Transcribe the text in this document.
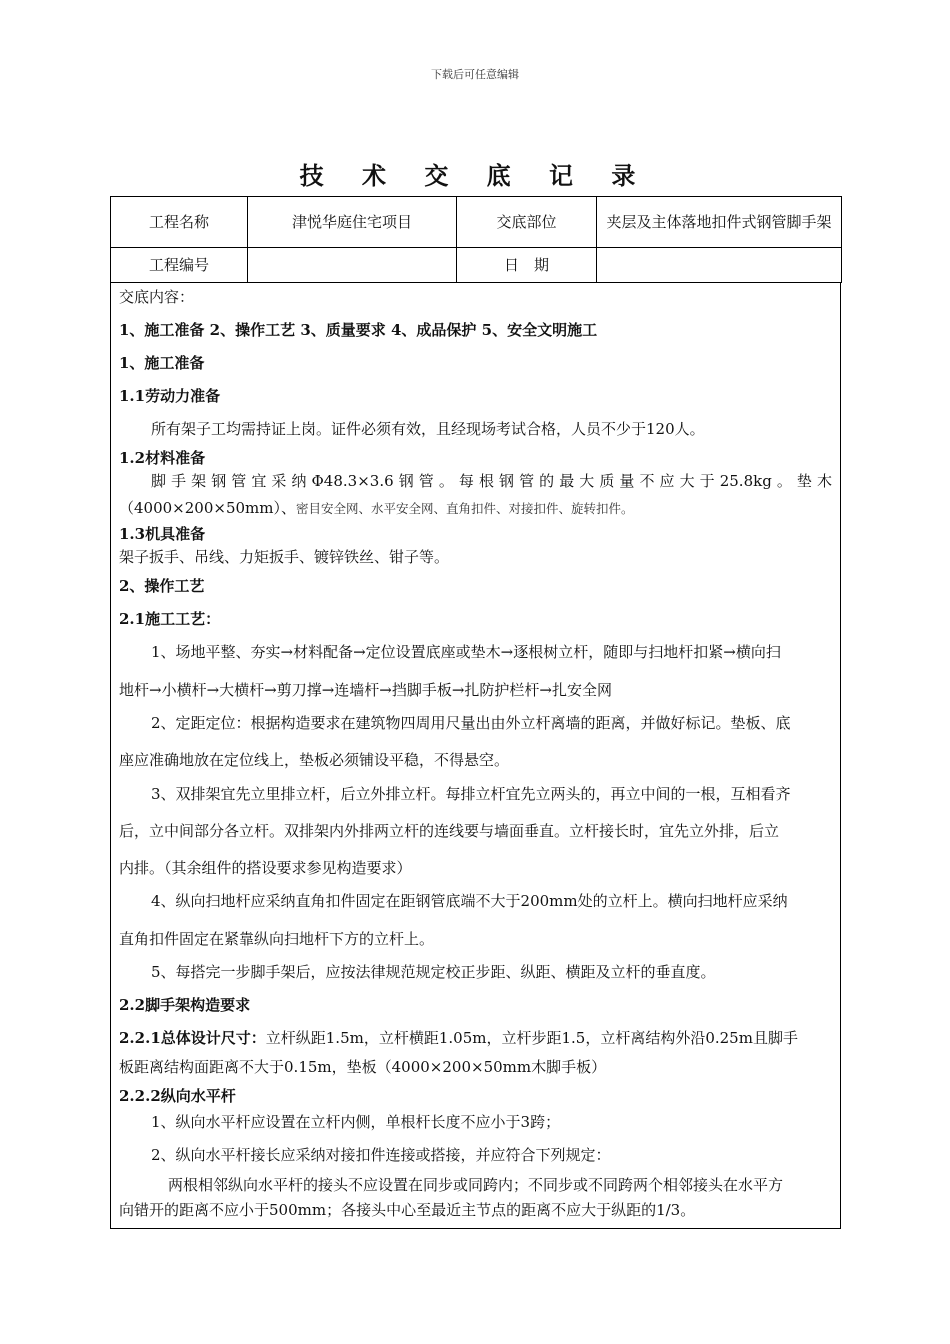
下载后可任意编辑
技 术 交 底 记 录
工程名称	津悦华庭住宅项目	交底部位	夹层及主体落地扣件式钢管脚手架
工程编号		日　期	
交底内容：
1、施工准备 2、操作工艺 3、质量要求 4、成品保护 5、安全文明施工
1、施工准备
1.1劳动力准备
所有架子工均需持证上岗。证件必须有效，且经现场考试合格，人员不少于120人。
1.2材料准备
脚手架钢管宜采纳Φ48.3×3.6钢管。每根钢管的最大质量不应大于25.8kg。垫木
（4000×200×50mm）、密目安全网、水平安全网、直角扣件、对接扣件、旋转扣件。
1.3机具准备
架子扳手、吊线、力矩扳手、镀锌铁丝、钳子等。
2、操作工艺
2.1施工工艺：
1、场地平整、夯实→材料配备→定位设置底座或垫木→逐根树立杆，随即与扫地杆扣紧→横向扫
地杆→小横杆→大横杆→剪刀撑→连墙杆→挡脚手板→扎防护栏杆→扎安全网
2、定距定位：根据构造要求在建筑物四周用尺量出由外立杆离墙的距离，并做好标记。垫板、底
座应准确地放在定位线上，垫板必须铺设平稳，不得悬空。
3、双排架宜先立里排立杆，后立外排立杆。每排立杆宜先立两头的，再立中间的一根，互相看齐
后，立中间部分各立杆。双排架内外排两立杆的连线要与墙面垂直。立杆接长时，宜先立外排，后立
内排。（其余组件的搭设要求参见构造要求）
4、纵向扫地杆应采纳直角扣件固定在距钢管底端不大于200mm处的立杆上。横向扫地杆应采纳
直角扣件固定在紧靠纵向扫地杆下方的立杆上。
5、每搭完一步脚手架后，应按法律规范规定校正步距、纵距、横距及立杆的垂直度。
2.2脚手架构造要求
2.2.1总体设计尺寸：立杆纵距1.5m，立杆横距1.05m，立杆步距1.5，立杆离结构外沿0.25m且脚手
板距离结构面距离不大于0.15m，垫板（4000×200×50mm木脚手板）
2.2.2纵向水平杆
1、纵向水平杆应设置在立杆内侧，单根杆长度不应小于3跨；
2、纵向水平杆接长应采纳对接扣件连接或搭接，并应符合下列规定：
两根相邻纵向水平杆的接头不应设置在同步或同跨内；不同步或不同跨两个相邻接头在水平方
向错开的距离不应小于500mm；各接头中心至最近主节点的距离不应大于纵距的1/3。
